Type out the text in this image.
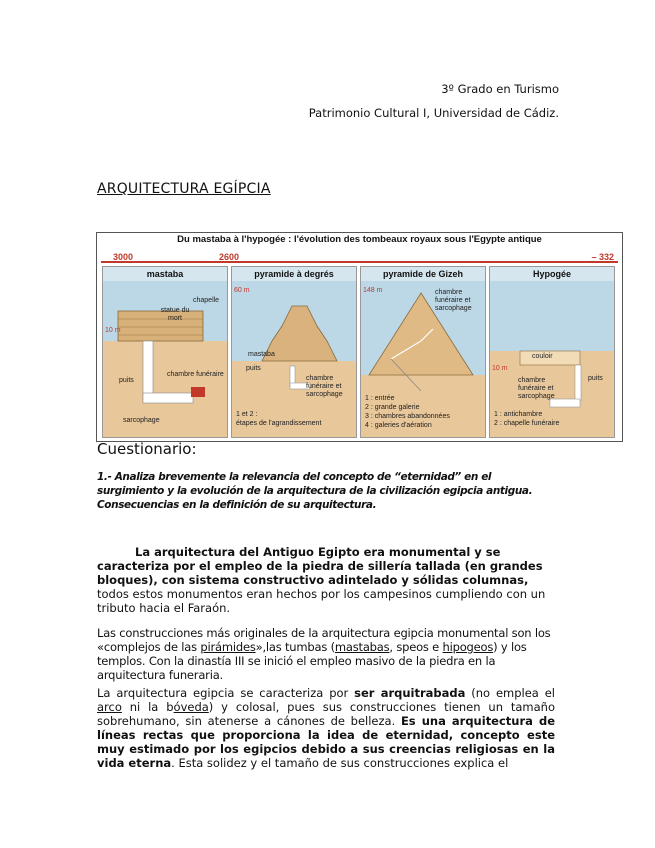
3º Grado en Turismo
Patrimonio Cultural I, Universidad de Cádiz.
ARQUITECTURA EGÍPCIA
Du mastaba à l'hypogée : l'évolution des tombeaux royaux sous l'Egypte antique
3000	2600	– 332
mastaba
chapelle
statue du mort
10 m
puits
chambre funéraire
sarcophage
pyramide à degrés
60 m
mastaba
puits
chambre funéraire et sarcophage
1 et 2 :
étapes de l'agrandissement
pyramide de Gizeh
148 m	chambre funéraire et sarcophage
1 : entrée
2 : grande galerie
3 : chambres abandonnées
4 : galeries d'aération
Hypogée
couloir
10 m
chambre funéraire et sarcophage
puits
1 : antichambre
2 : chapelle funéraire
Cuestionario:
1.- Analiza brevemente la relevancia del concepto de “eternidad” en el surgimiento y la evolución de la arquitectura de la civilización egipcia antigua. Consecuencias en la definición de su arquitectura.
La arquitectura del Antiguo Egipto era monumental y se caracteriza por el empleo de la piedra de sillería tallada (en grandes bloques), con sistema constructivo adintelado y sólidas columnas, todos estos monumentos eran hechos por los campesinos cumpliendo con un tributo hacia el Faraón.
Las construcciones más originales de la arquitectura egipcia monumental son los «complejos de las pirámides»,las tumbas (mastabas, speos e hipogeos) y los templos. Con la dinastía III se inició el empleo masivo de la piedra en la arquitectura funeraria.
La arquitectura egipcia se caracteriza por ser arquitrabada (no emplea el arco ni la bóveda) y colosal, pues sus construcciones tienen un tamaño sobrehumano, sin atenerse a cánones de belleza. Es una arquitectura de líneas rectas que proporciona la idea de eternidad, concepto este muy estimado por los egipcios debido a sus creencias religiosas en la vida eterna. Esta solidez y el tamaño de sus construcciones explica el
